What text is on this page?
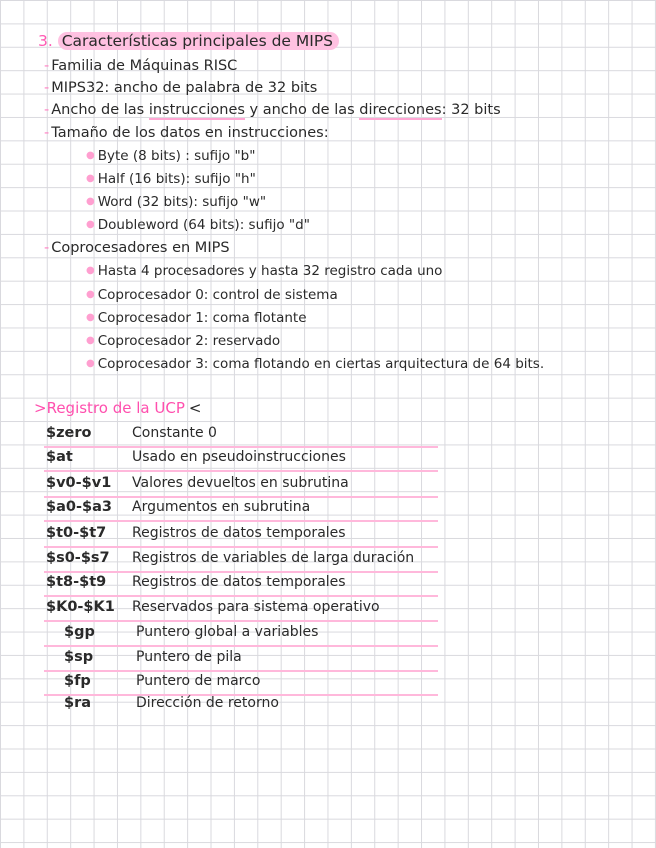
3. Características principales de MIPS
- Familia de Máquinas RISC
- MIPS32: ancho de palabra de 32 bits
- Ancho de las instrucciones y ancho de las direcciones: 32 bits
- Tamaño de los datos en instrucciones:
● Byte (8 bits) : sufijo "b"
● Half (16 bits): sufijo "h"
● Word (32 bits): sufijo "w"
● Doubleword (64 bits): sufijo "d"
- Coprocesadores en MIPS
● Hasta 4 procesadores y hasta 32 registro cada uno
● Coprocesador 0: control de sistema
● Coprocesador 1: coma flotante
● Coprocesador 2: reservado
● Coprocesador 3: coma flotando en ciertas arquitectura de 64 bits.
>Registro de la UCP <
$zero	Constante 0
$at	Usado en pseudoinstrucciones
$v0-$v1 Valores devueltos en subrutina
$a0-$a3 Argumentos en subrutina
$t0-$t7 Registros de datos temporales
$s0-$s7 Registros de variables de larga duración
$t8-$t9 Registros de datos temporales
$K0-$K1 Reservados para sistema operativo
$gp	Puntero global a variables
$sp	Puntero de pila
$fp	Puntero de marco
$ra	Dirección de retorno
